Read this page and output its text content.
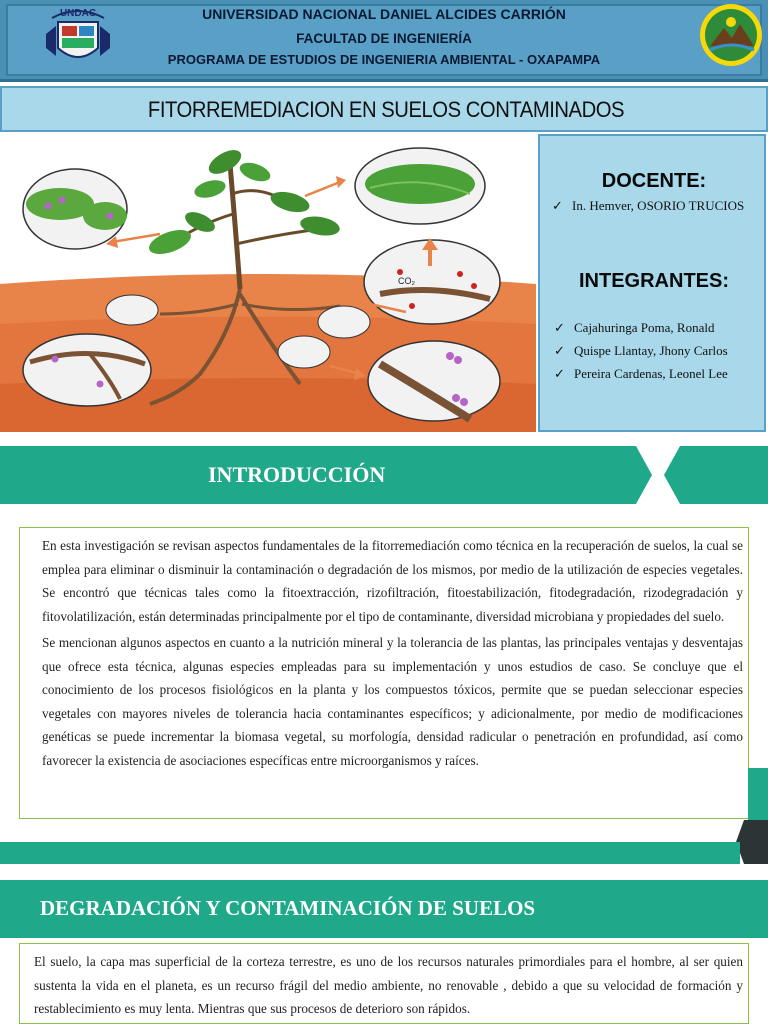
UNDAC	UNIVERSIDAD NACIONAL DANIEL ALCIDES CARRIÓN
FACULTAD DE INGENIERÍA
PROGRAMA DE ESTUDIOS DE INGENIERIA AMBIENTAL - OXAPAMPA
FITORREMEDIACION EN SUELOS CONTAMINADOS
CO₂
DOCENTE:
✓ In. Hemver, OSORIO TRUCIOS
INTEGRANTES:
✓ Cajahuringa Poma, Ronald
✓ Quispe Llantay, Jhony Carlos
✓ Pereira Cardenas, Leonel Lee
INTRODUCCIÓN

En esta investigación se revisan aspectos fundamentales de la fitorremediación como técnica en la recuperación de suelos, la cual se emplea para eliminar o disminuir la contaminación o degradación de los mismos, por medio de la utilización de especies vegetales. Se encontró que técnicas tales como la fitoextracción, rizofiltración, fitoestabilización, fitodegradación, rizodegradación y fitovolatilización, están determinadas principalmente por el tipo de contaminante, diversidad microbiana y propiedades del suelo.

Se mencionan algunos aspectos en cuanto a la nutrición mineral y la tolerancia de las plantas, las principales ventajas y desventajas que ofrece esta técnica, algunas especies empleadas para su implementación y unos estudios de caso. Se concluye que el conocimiento de los procesos fisiológicos en la planta y los compuestos tóxicos, permite que se puedan seleccionar especies vegetales con mayores niveles de tolerancia hacia contaminantes específicos; y adicionalmente, por medio de modificaciones genéticas se puede incrementar la biomasa vegetal, su morfología, densidad radicular o penetración en profundidad, así como favorecer la existencia de asociaciones específicas entre microorganismos y raíces.

DEGRADACIÓN Y CONTAMINACIÓN DE SUELOS

El suelo, la capa mas superficial de la corteza terrestre, es uno de los recursos naturales primordiales para el hombre, al ser quien sustenta la vida en el planeta, es un recurso frágil del medio ambiente, no renovable , debido a que su velocidad de formación y restablecimiento es muy lenta. Mientras que sus procesos de deterioro son rápidos.
